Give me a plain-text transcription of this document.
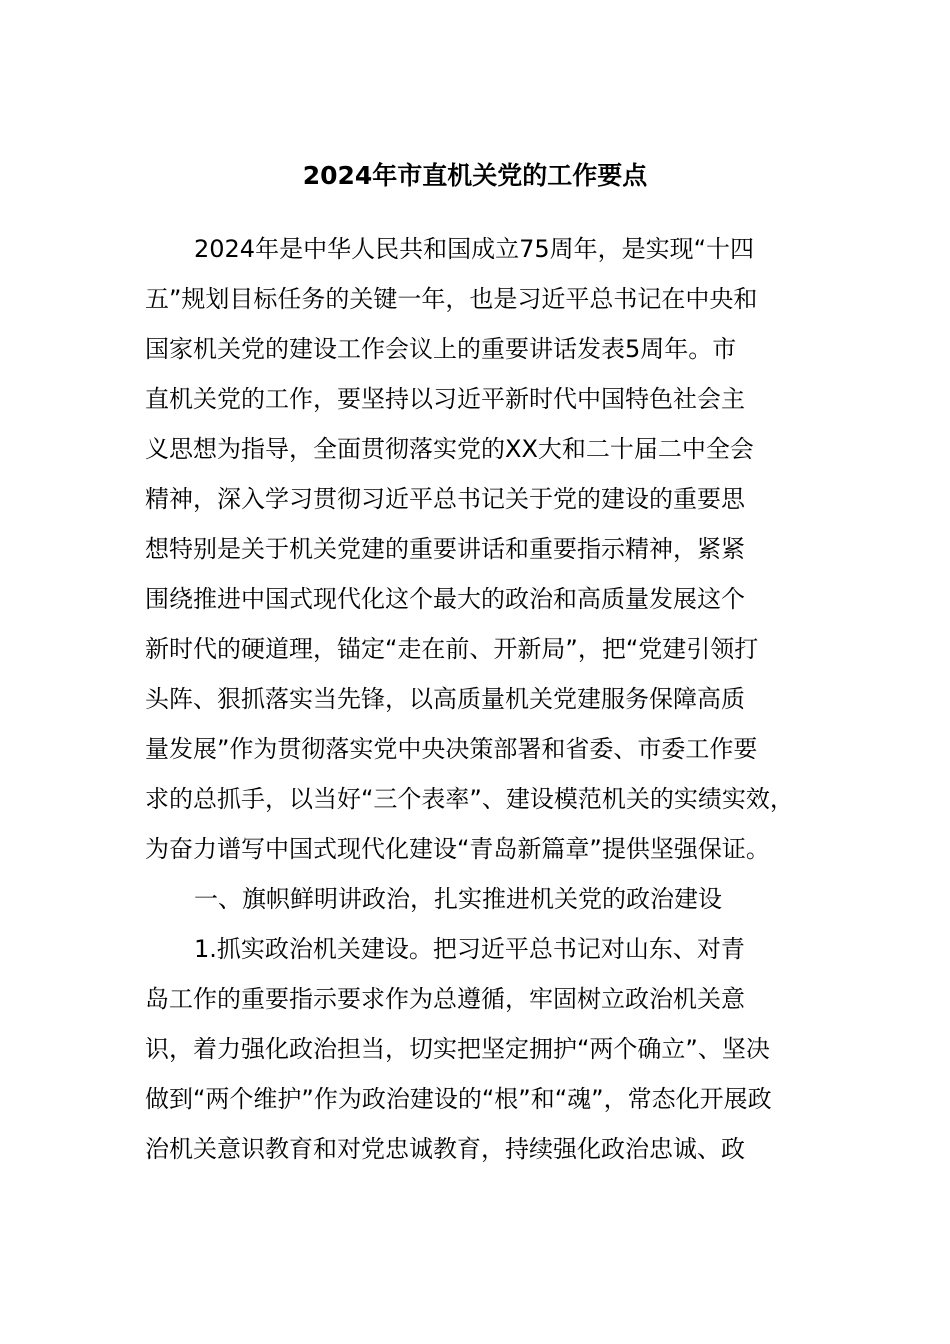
2024年市直机关党的工作要点

2024年是中华人民共和国成立75周年，是实现“十四

五”规划目标任务的关键一年，也是习近平总书记在中央和

国家机关党的建设工作会议上的重要讲话发表5周年。市

直机关党的工作，要坚持以习近平新时代中国特色社会主

义思想为指导，全面贯彻落实党的XX大和二十届二中全会

精神，深入学习贯彻习近平总书记关于党的建设的重要思

想特别是关于机关党建的重要讲话和重要指示精神，紧紧

围绕推进中国式现代化这个最大的政治和高质量发展这个

新时代的硬道理，锚定“走在前、开新局”，把“党建引领打

头阵、狠抓落实当先锋，以高质量机关党建服务保障高质

量发展”作为贯彻落实党中央决策部署和省委、市委工作要

求的总抓手，以当好“三个表率”、建设模范机关的实绩实效，

为奋力谱写中国式现代化建设“青岛新篇章”提供坚强保证。

一、旗帜鲜明讲政治，扎实推进机关党的政治建设

1.抓实政治机关建设。把习近平总书记对山东、对青

岛工作的重要指示要求作为总遵循，牢固树立政治机关意

识，着力强化政治担当，切实把坚定拥护“两个确立”、坚决

做到“两个维护”作为政治建设的“根”和“魂”，常态化开展政

治机关意识教育和对党忠诚教育，持续强化政治忠诚、政
